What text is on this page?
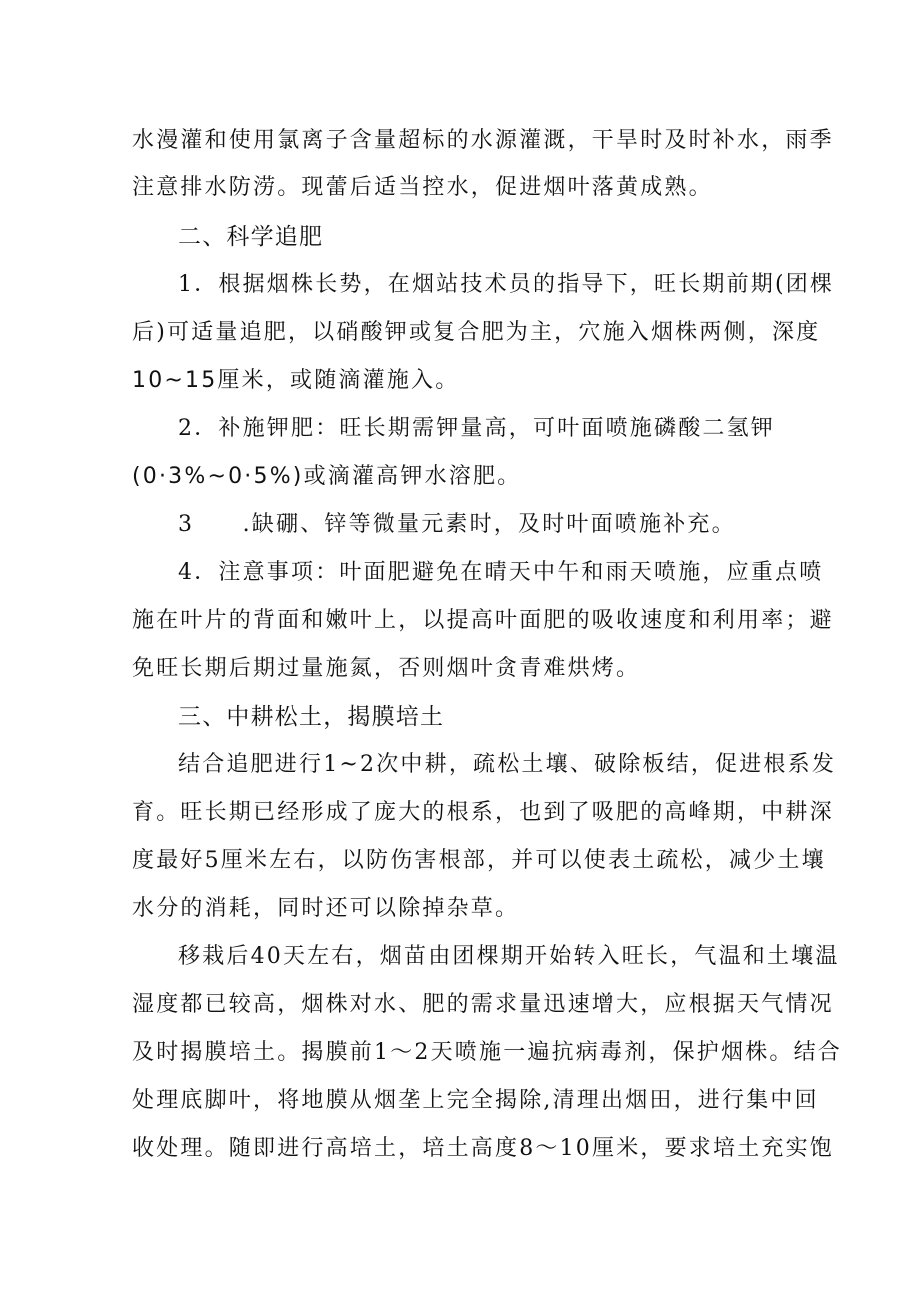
水漫灌和使用氯离子含量超标的水源灌溉，干旱时及时补水，雨季
注意排水防涝。现蕾后适当控水，促进烟叶落黄成熟。
二、科学追肥
1．根据烟株长势，在烟站技术员的指导下，旺长期前期(团棵
后)可适量追肥，以硝酸钾或复合肥为主，穴施入烟株两侧，深度
10~15厘米，或随滴灌施入。
2．补施钾肥：旺长期需钾量高，可叶面喷施磷酸二氢钾
(0·3%~0·5%)或滴灌高钾水溶肥。
3　　.缺硼、锌等微量元素时，及时叶面喷施补充。
4．注意事项：叶面肥避免在晴天中午和雨天喷施，应重点喷
施在叶片的背面和嫩叶上，以提高叶面肥的吸收速度和利用率；避
免旺长期后期过量施氮，否则烟叶贪青难烘烤。
三、中耕松土，揭膜培土
结合追肥进行1~2次中耕，疏松土壤、破除板结，促进根系发
育。旺长期已经形成了庞大的根系，也到了吸肥的高峰期，中耕深
度最好5厘米左右，以防伤害根部，并可以使表土疏松，减少土壤
水分的消耗，同时还可以除掉杂草。
移栽后40天左右，烟苗由团棵期开始转入旺长，气温和土壤温
湿度都已较高，烟株对水、肥的需求量迅速增大，应根据天气情况
及时揭膜培土。揭膜前1～2天喷施一遍抗病毒剂，保护烟株。结合
处理底脚叶，将地膜从烟垄上完全揭除,清理出烟田，进行集中回
收处理。随即进行高培土，培土高度8～10厘米，要求培土充实饱
